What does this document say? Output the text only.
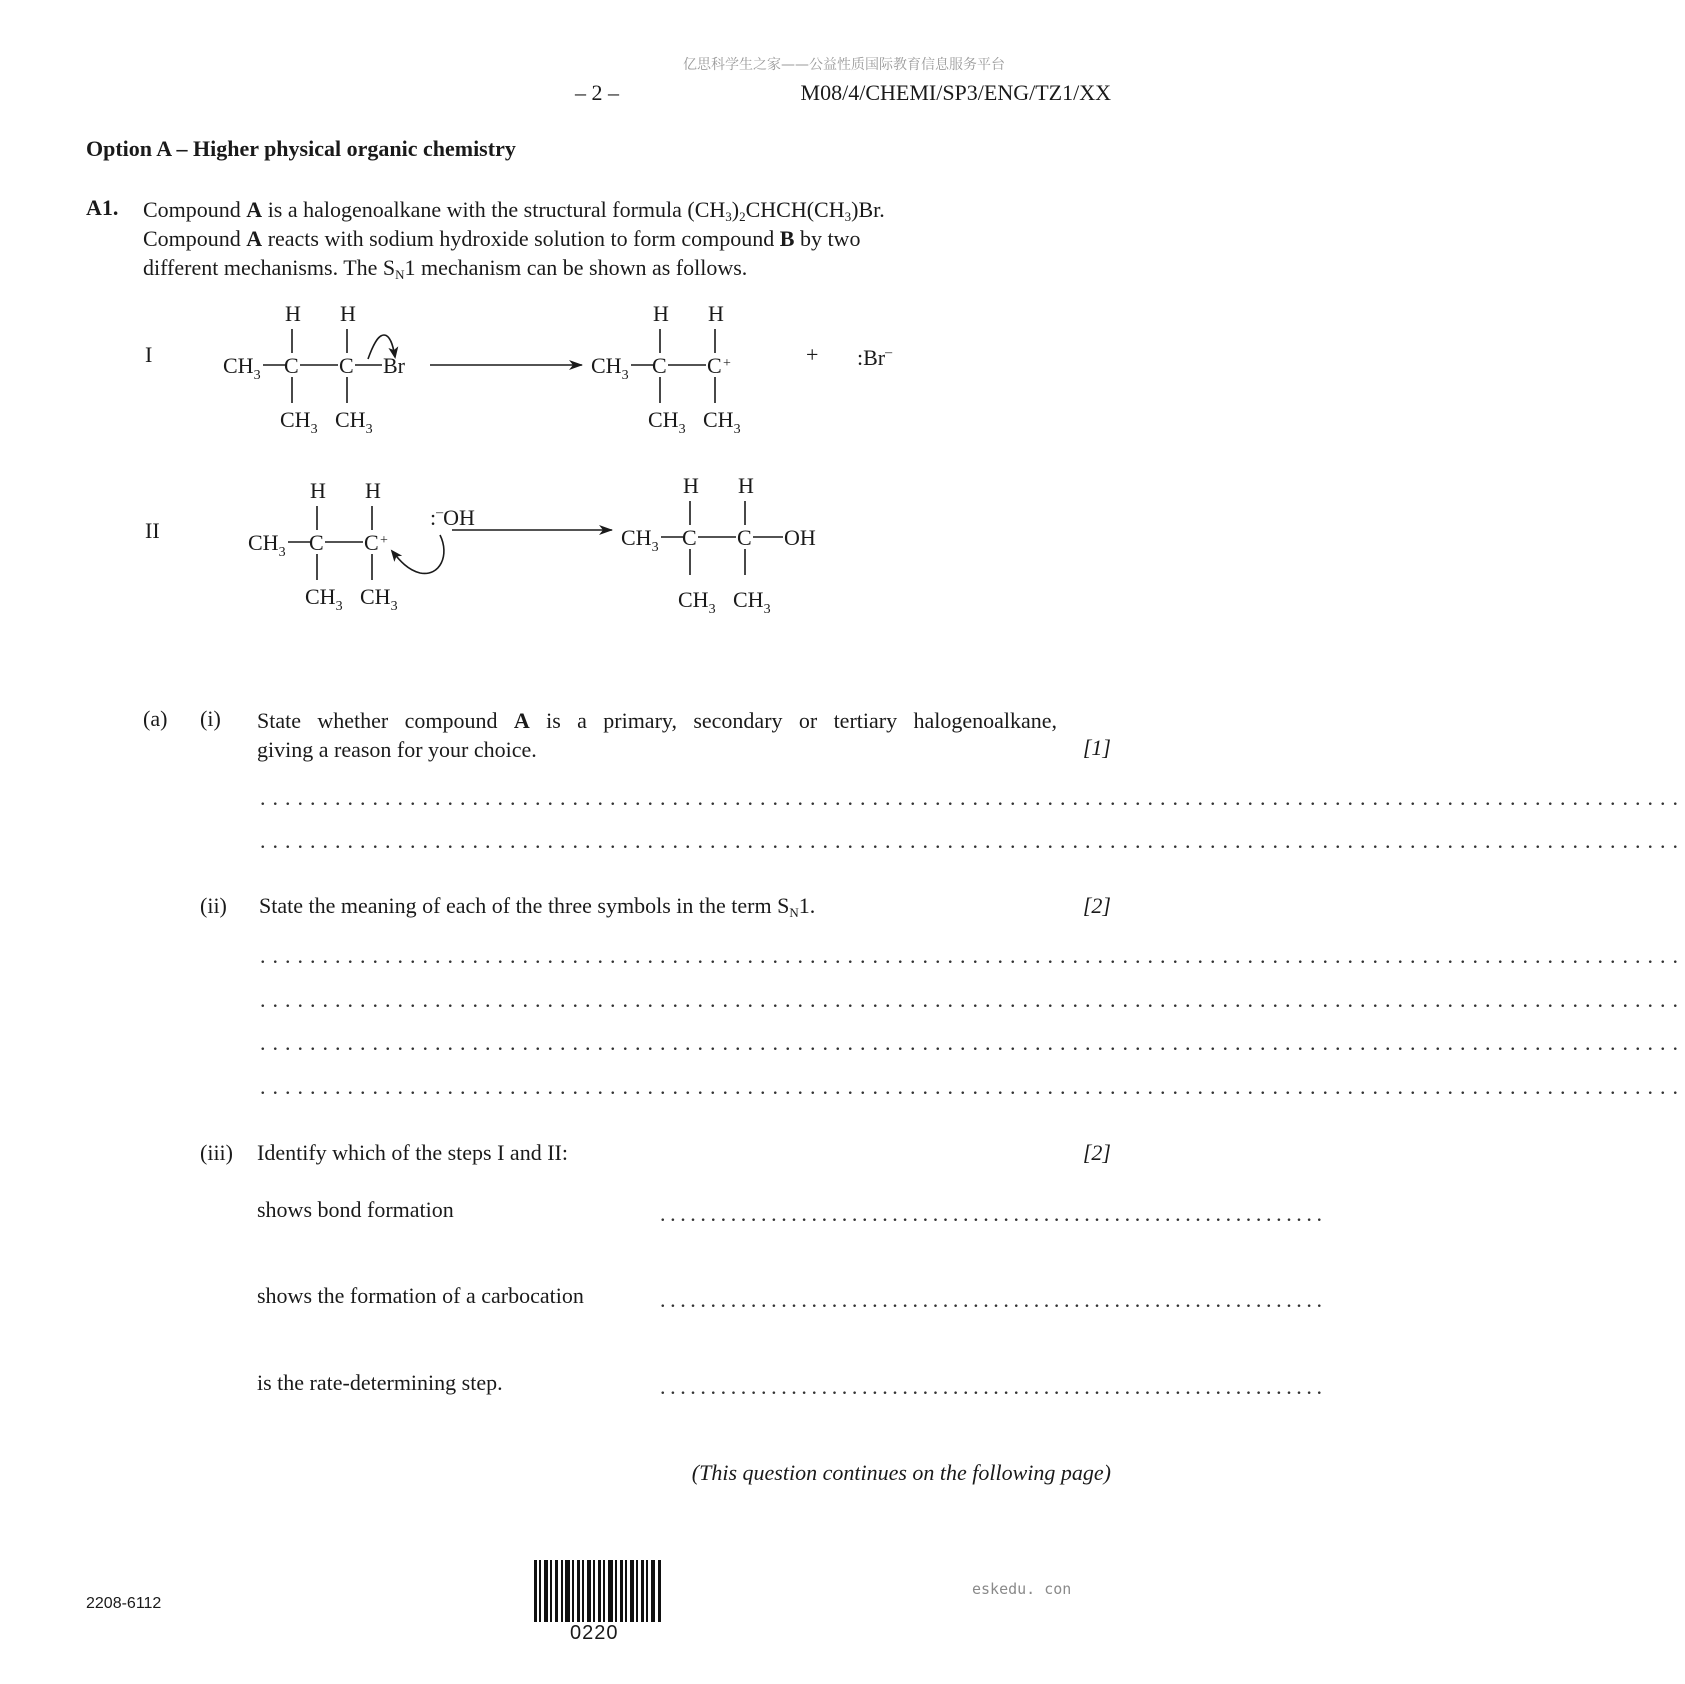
亿思科学生之家——公益性质国际教育信息服务平台
– 2 –	M08/4/CHEMI/SP3/ENG/TZ1/XX
Option A – Higher physical organic chemistry
A1. Compound A is a halogenoalkane with the structural formula $(CH_3)_2CHCH(CH_3)Br$.

Compound A reacts with sodium hydroxide solution to form compound B by two

different mechanisms. The $S_N1$ mechanism can be shown as follows.

I
H H
$CH_3$ C C Br
$CH_3$ $CH_3$
H H
$CH_3$ C C +
$CH_3$ $CH_3$
+ :Br–
II
H H
$CH_3$ C C +
$CH_3$ $CH_3$
:–OH
H H
$CH_3$ C C OH
$CH_3$ $CH_3$
(a) (i) State whether compound A is a primary, secondary or tertiary halogenoalkane,
giving a reason for your choice.	[1]
..................................................................................................................
..................................................................................................................
(ii) State the meaning of each of the three symbols in the term $S_N1$.	[2]
..................................................................................................................
..................................................................................................................
..................................................................................................................
..................................................................................................................
(iii) Identify which of the steps I and II:	[2]
shows bond formation	..................................................................
shows the formation of a carbocation	..................................................................
is the rate-determining step.	..................................................................
(This question continues on the following page)
2208-6112
0220
eskedu. con
